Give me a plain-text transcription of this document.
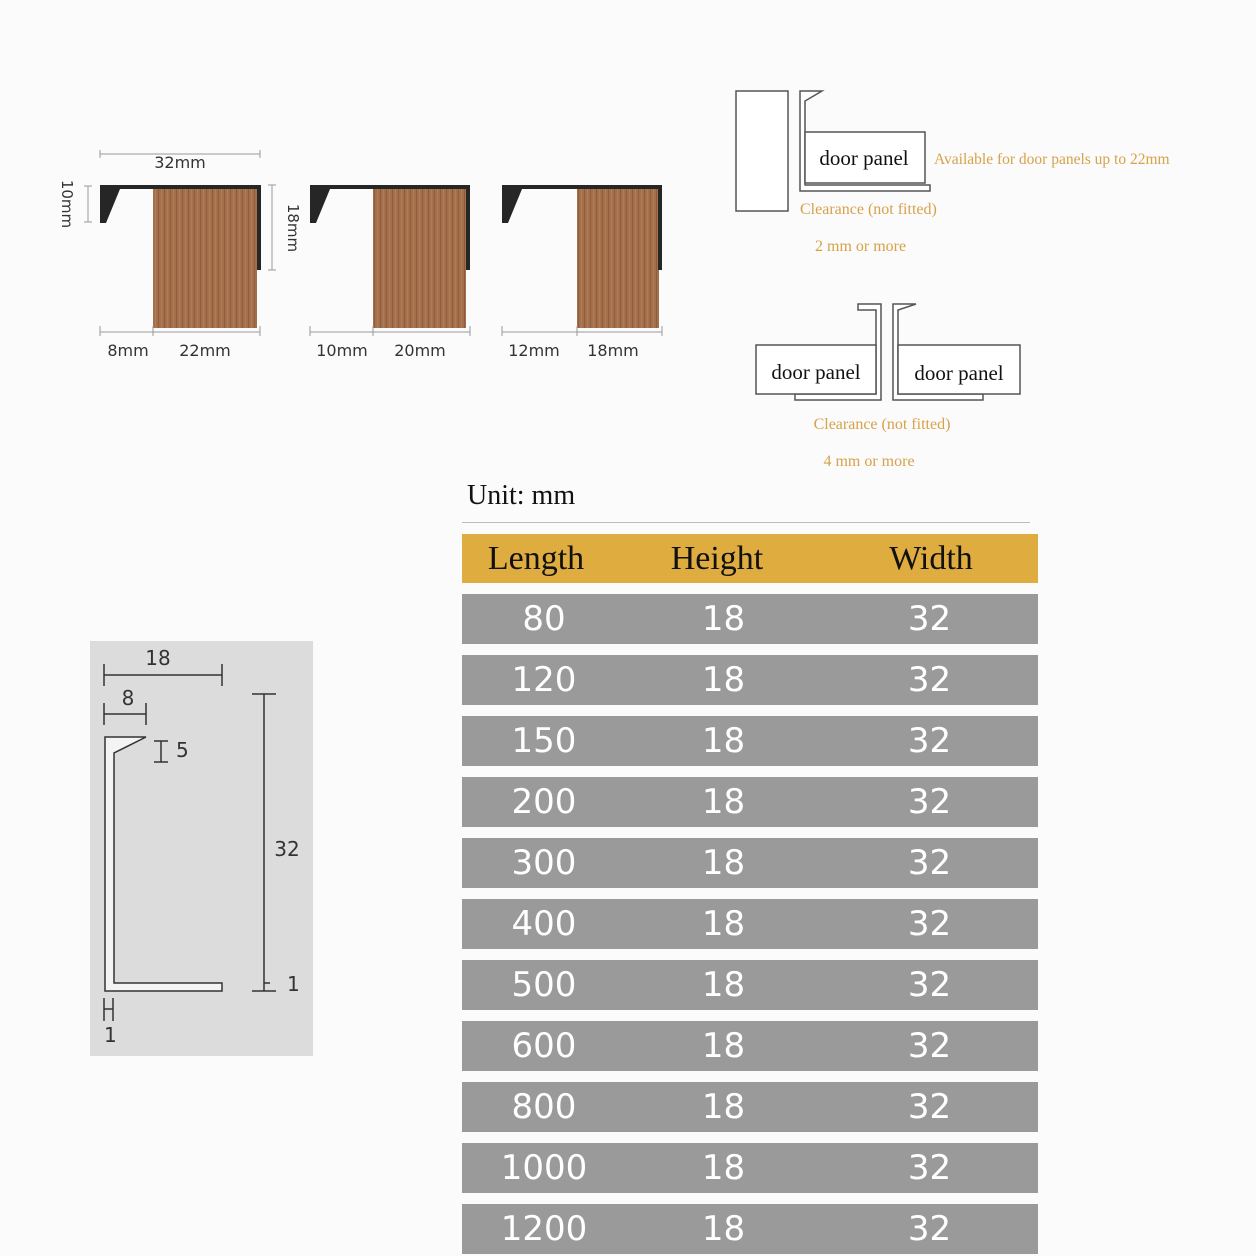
32mm
10mm	18mm
8mm 22mm	10mm 20mm	12mm 18mm
door panel Available for door panels up to 22mm
Clearance (not fitted)
2 mm or more
door panel	door panel
Clearance (not fitted)
4 mm or more
18
8
5
32
1
1
Unit: mm
Length	Height	Width
80	18	32
120	18	32
150	18	32
200	18	32
300	18	32
400	18	32
500	18	32
600	18	32
800	18	32
1000	18	32
1200	18	32
